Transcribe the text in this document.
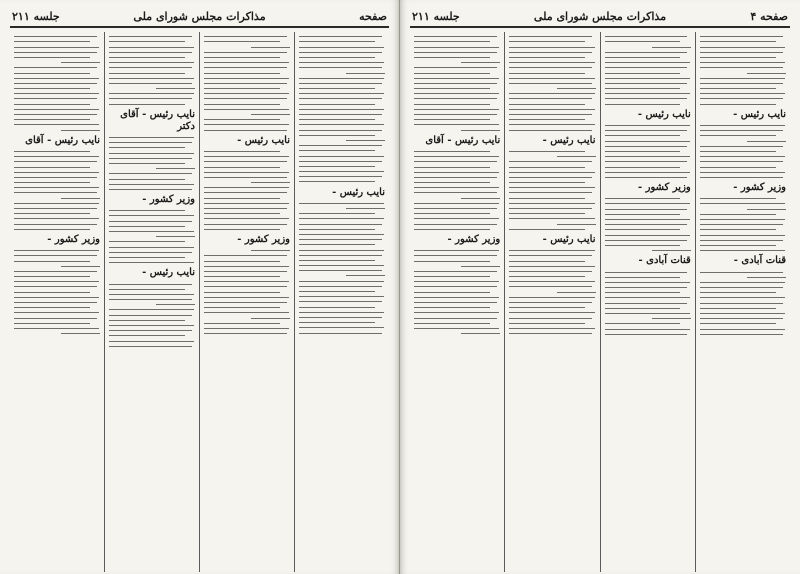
جلسه ۲۱۱	مذاکرات مجلس شورای ملی	صفحه
نایب رئیس - آقای
وزیر کشور -
نایب رئیس - آقای دکتر
وزیر کشور -
نایب رئیس -
نایب رئیس -
وزیر کشور -
نایب رئیس -
جلسه ۲۱۱	مذاکرات مجلس شورای ملی	صفحه ۴
نایب رئیس - آقای
وزیر کشور -
نایب رئیس -
نایب رئیس -
نایب رئیس -
وزیر کشور -
قنات آبادی -
نایب رئیس -
وزیر کشور -
قنات آبادی -
